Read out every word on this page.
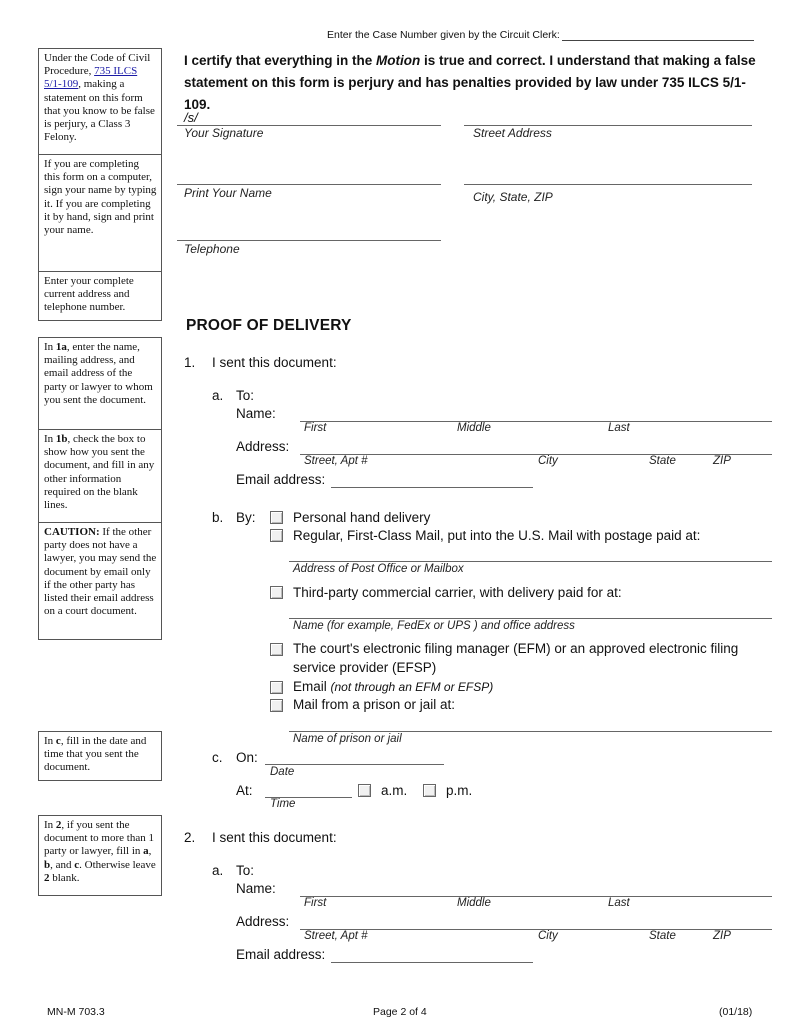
Enter the Case Number given by the Circuit Clerk:
Under the Code of Civil Procedure, 735 ILCS 5/1-109, making a statement on this form that you know to be false is perjury, a Class 3 Felony.
If you are completing this form on a computer, sign your name by typing it. If you are completing it by hand, sign and print your name.
Enter your complete current address and telephone number.
I certify that everything in the Motion is true and correct. I understand that making a false statement on this form is perjury and has penalties provided by law under 735 ILCS 5/1-109.
/s/
Your Signature	Street Address
Print Your Name	City, State, ZIP
Telephone
PROOF OF DELIVERY
In 1a, enter the name, mailing address, and email address of the party or lawyer to whom you sent the document.
In 1b, check the box to show how you sent the document, and fill in any other information required on the blank lines.
CAUTION: If the other party does not have a lawyer, you may send the document by email only if the other party has listed their email address on a court document.
In c, fill in the date and time that you sent the document.
In 2, if you sent the document to more than 1 party or lawyer, fill in a, b, and c. Otherwise leave 2 blank.
1. I sent this document:
a. To:
Name:
First	Middle	Last
Address:
Street, Apt #	City	State	ZIP
Email address:
b. By:	Personal hand delivery
Regular, First-Class Mail, put into the U.S. Mail with postage paid at:
Address of Post Office or Mailbox
Third-party commercial carrier, with delivery paid for at:
Name (for example, FedEx or UPS ) and office address
The court's electronic filing manager (EFM) or an approved electronic filing
service provider (EFSP)
Email (not through an EFM or EFSP)
Mail from a prison or jail at:
Name of prison or jail
c. On:
Date
At:
Time
a.m.	p.m.
2. I sent this document:
a. To:
Name:
First	Middle	Last
Address:
Street, Apt #	City	State	ZIP
Email address:
MN-M 703.3	Page 2 of 4	(01/18)
